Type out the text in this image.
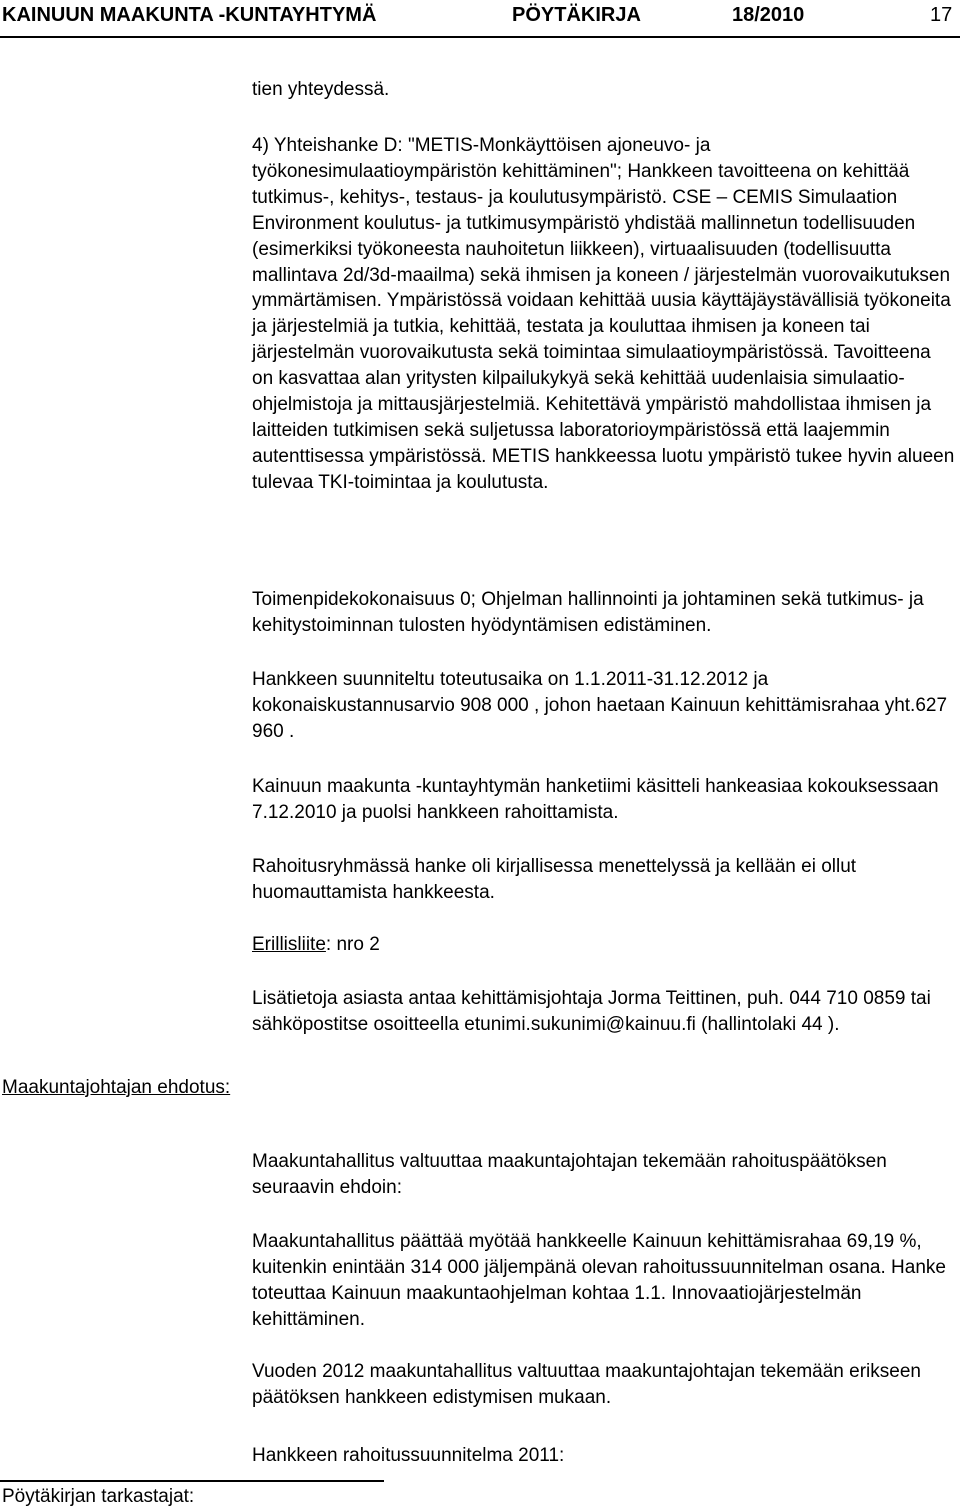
KAINUUN MAAKUNTA -KUNTAYHTYMÄ	PÖYTÄKIRJA	18/2010	17

tien yhteydessä.

4) Yhteishanke D: "METIS-Monkäyttöisen ajoneuvo- ja työkonesimulaatioympäristön kehittäminen"; Hankkeen tavoitteena on kehittää tutkimus-, kehitys-, testaus- ja koulutusympäristö. CSE – CEMIS Simulaation Environment koulutus- ja tutkimusympäristö yhdistää mallinnetun todellisuuden (esimerkiksi työkoneesta nauhoitetun liikkeen), virtuaalisuuden (todellisuutta mallintava 2d/3d-maailma) sekä ihmisen ja koneen / järjestelmän vuorovaikutuksen ymmärtämisen. Ympäristössä voidaan kehittää uusia käyttäjäystävällisiä työkoneita ja järjestelmiä ja tutkia, kehittää, testata ja kouluttaa ihmisen ja koneen tai järjestelmän vuorovaikutusta sekä toimintaa simulaatioympäristössä. Tavoitteena on kasvattaa alan yritysten kilpailukykyä sekä kehittää uudenlaisia simulaatio-ohjelmistoja ja mittausjärjestelmiä. Kehitettävä ympäristö mahdollistaa ihmisen ja laitteiden tutkimisen sekä suljetussa laboratorioympäristössä että laajemmin autenttisessa ympäristössä. METIS hankkeessa luotu ympäristö tukee hyvin alueen tulevaa TKI-toimintaa ja koulutusta.

Toimenpidekokonaisuus 0; Ohjelman hallinnointi ja johtaminen sekä tutkimus- ja kehitystoiminnan tulosten hyödyntämisen edistäminen.

Hankkeen suunniteltu toteutusaika on 1.1.2011-31.12.2012 ja kokonaiskustannusarvio 908 000 , johon haetaan Kainuun kehittämisrahaa yht.627 960 .

Kainuun maakunta -kuntayhtymän hanketiimi käsitteli hankeasiaa kokouksessaan 7.12.2010 ja puolsi hankkeen rahoittamista.

Rahoitusryhmässä hanke oli kirjallisessa menettelyssä ja kellään ei ollut huomauttamista hankkeesta.

Erillisliite: nro 2

Lisätietoja asiasta antaa kehittämisjohtaja Jorma Teittinen, puh. 044 710 0859 tai sähköpostitse osoitteella etunimi.sukunimi@kainuu.fi (hallintolaki 44 ).

Maakuntajohtajan ehdotus:

Maakuntahallitus valtuuttaa maakuntajohtajan tekemään rahoituspäätöksen seuraavin ehdoin:

Maakuntahallitus päättää myötää hankkeelle Kainuun kehittämisrahaa 69,19 %, kuitenkin enintään 314 000 jäljempänä olevan rahoitussuunnitelman osana. Hanke toteuttaa Kainuun maakuntaohjelman kohtaa 1.1. Innovaatiojärjestelmän kehittäminen.

Vuoden 2012 maakuntahallitus valtuuttaa maakuntajohtajan tekemään erikseen päätöksen hankkeen edistymisen mukaan.

Hankkeen rahoitussuunnitelma 2011:

Pöytäkirjan tarkastajat:
